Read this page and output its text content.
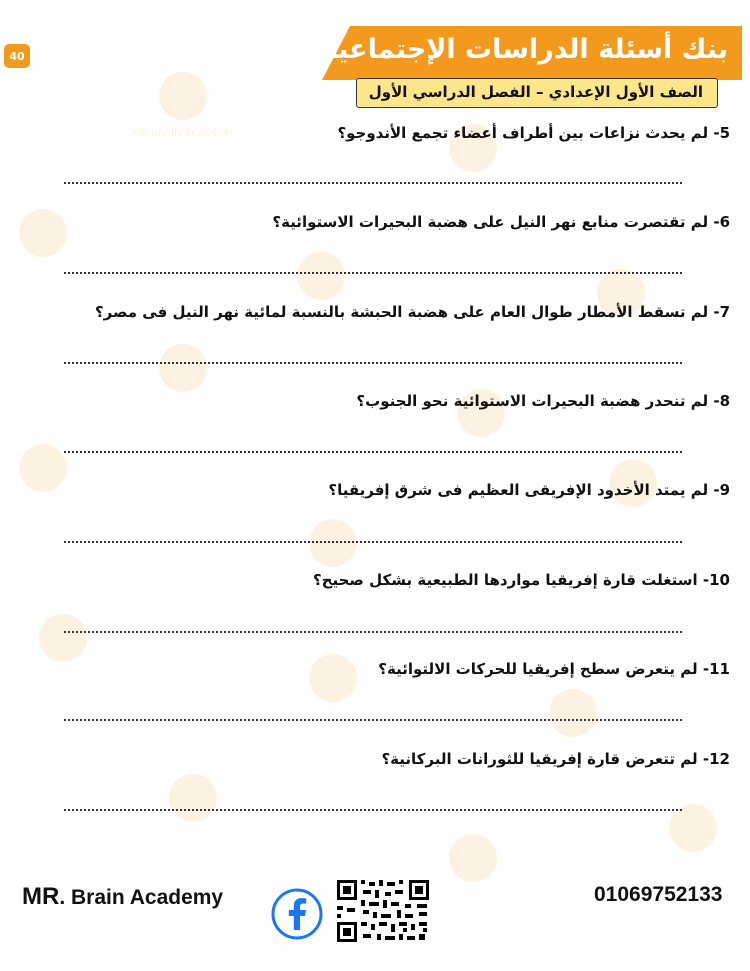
MR BRAIN ACADEMY
40	بنك أسئلة الدراسات الإجتماعية
الصف الأول الإعدادي – الفصل الدراسي الأول
5- لم يحدث نزاعات بين أطراف أعضاء تجمع الأندوجو؟
6- لم تقتصرت منابع نهر النيل على هضبة البحيرات الاستوائية؟
7- لم تسقط الأمطار طوال العام على هضبة الحبشة بالنسبة لمائية نهر النيل فى مصر؟
8- لم تنحدر هضبة البحيرات الاستوائية نحو الجنوب؟
9- لم يمتد الأخدود الإفريقى العظيم فى شرق إفريقيا؟
10- استغلت قارة إفريقيا مواردها الطبيعية بشكل صحيح؟
11- لم يتعرض سطح إفريقيا للحركات الالتوائية؟
12- لم تتعرض قارة إفريقيا للثورانات البركانية؟
MR. Brain Academy	01069752133
